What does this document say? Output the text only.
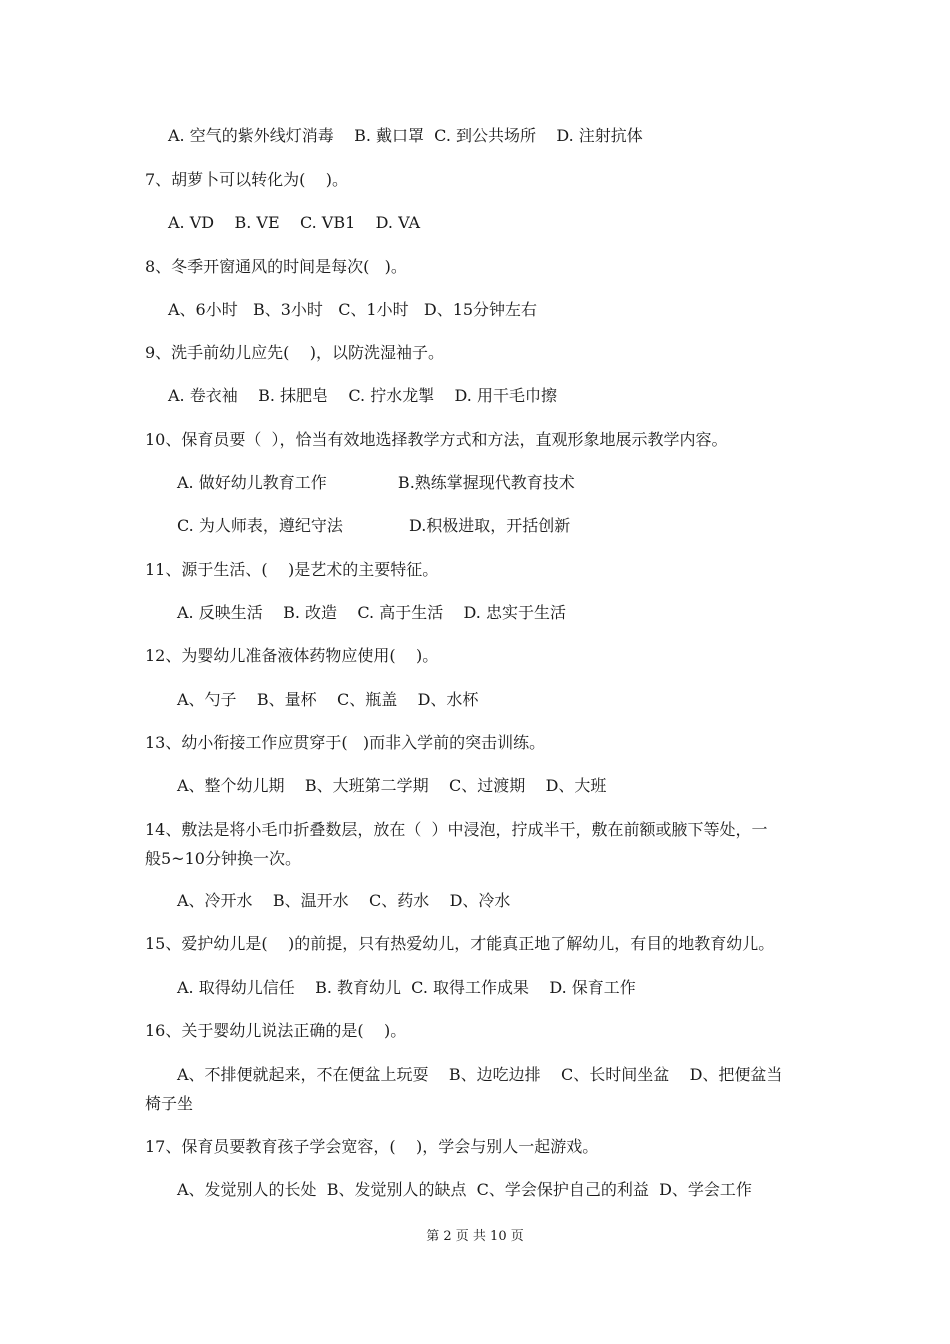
A. 空气的紫外线灯消毒    B. 戴口罩  C. 到公共场所    D. 注射抗体
7、胡萝卜可以转化为(    )。
A. VD    B. VE    C. VB1    D. VA
8、冬季开窗通风的时间是每次(   )。
A、6小时   B、3小时   C、1小时   D、15分钟左右
9、洗手前幼儿应先(    )，以防洗湿袖子。
A. 卷衣袖    B. 抹肥皂    C. 拧水龙掣    D. 用干毛巾擦
10、保育员要（  ），恰当有效地选择教学方式和方法，直观形象地展示教学内容。
A. 做好幼儿教育工作              B.熟练掌握现代教育技术
C. 为人师表，遵纪守法             D.积极进取，开括创新
11、源于生活、(    )是艺术的主要特征。
A. 反映生活    B. 改造    C. 高于生活    D. 忠实于生活
12、为婴幼儿准备液体药物应使用(    )。
A、勺子    B、量杯    C、瓶盖    D、水杯
13、幼小衔接工作应贯穿于(   )而非入学前的突击训练。
A、整个幼儿期    B、大班第二学期    C、过渡期    D、大班
14、敷法是将小毛巾折叠数层，放在（  ）中浸泡，拧成半干，敷在前额或腋下等处，一
般5~10分钟换一次。
A、冷开水    B、温开水    C、药水    D、冷水
15、爱护幼儿是(    )的前提，只有热爱幼儿，才能真正地了解幼儿，有目的地教育幼儿。
A. 取得幼儿信任    B. 教育幼儿  C. 取得工作成果    D. 保育工作
16、关于婴幼儿说法正确的是(    )。
A、不排便就起来，不在便盆上玩耍    B、边吃边排    C、长时间坐盆    D、把便盆当
椅子坐
17、保育员要教育孩子学会宽容，(    )，学会与别人一起游戏。
A、发觉别人的长处  B、发觉别人的缺点  C、学会保护自己的利益  D、学会工作
第 2 页 共 10 页
